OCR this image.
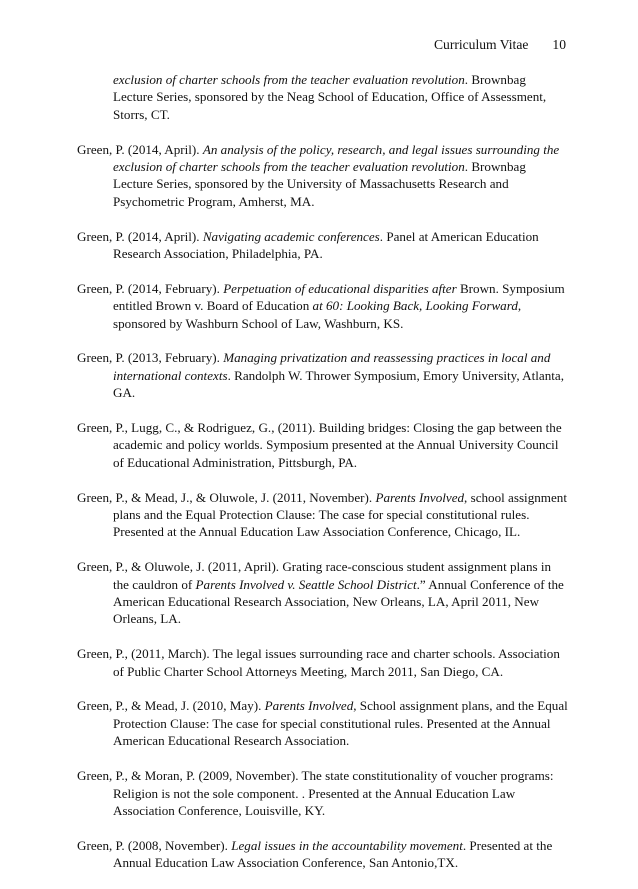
Curriculum Vitae 10

exclusion of charter schools from the teacher evaluation revolution. Brownbag Lecture Series, sponsored by the Neag School of Education, Office of Assessment, Storrs, CT.

Green, P. (2014, April). An analysis of the policy, research, and legal issues surrounding the exclusion of charter schools from the teacher evaluation revolution. Brownbag Lecture Series, sponsored by the University of Massachusetts Research and Psychometric Program, Amherst, MA.

Green, P. (2014, April). Navigating academic conferences. Panel at American Education Research Association, Philadelphia, PA.

Green, P. (2014, February). Perpetuation of educational disparities after Brown. Symposium entitled Brown v. Board of Education at 60: Looking Back, Looking Forward, sponsored by Washburn School of Law, Washburn, KS.

Green, P. (2013, February). Managing privatization and reassessing practices in local and international contexts. Randolph W. Thrower Symposium, Emory University, Atlanta, GA.

Green, P., Lugg, C., & Rodriguez, G., (2011). Building bridges: Closing the gap between the academic and policy worlds. Symposium presented at the Annual University Council of Educational Administration, Pittsburgh, PA.

Green, P., & Mead, J., & Oluwole, J. (2011, November). Parents Involved, school assignment plans and the Equal Protection Clause: The case for special constitutional rules. Presented at the Annual Education Law Association Conference, Chicago, IL.

Green, P., & Oluwole, J. (2011, April). Grating race-conscious student assignment plans in the cauldron of Parents Involved v. Seattle School District.” Annual Conference of the American Educational Research Association, New Orleans, LA, April 2011, New Orleans, LA.

Green, P., (2011, March). The legal issues surrounding race and charter schools. Association of Public Charter School Attorneys Meeting, March 2011, San Diego, CA.

Green, P., & Mead, J. (2010, May). Parents Involved, School assignment plans, and the Equal Protection Clause: The case for special constitutional rules. Presented at the Annual American Educational Research Association.

Green, P., & Moran, P. (2009, November). The state constitutionality of voucher programs: Religion is not the sole component. . Presented at the Annual Education Law Association Conference, Louisville, KY.

Green, P. (2008, November). Legal issues in the accountability movement. Presented at the Annual Education Law Association Conference, San Antonio,TX.
